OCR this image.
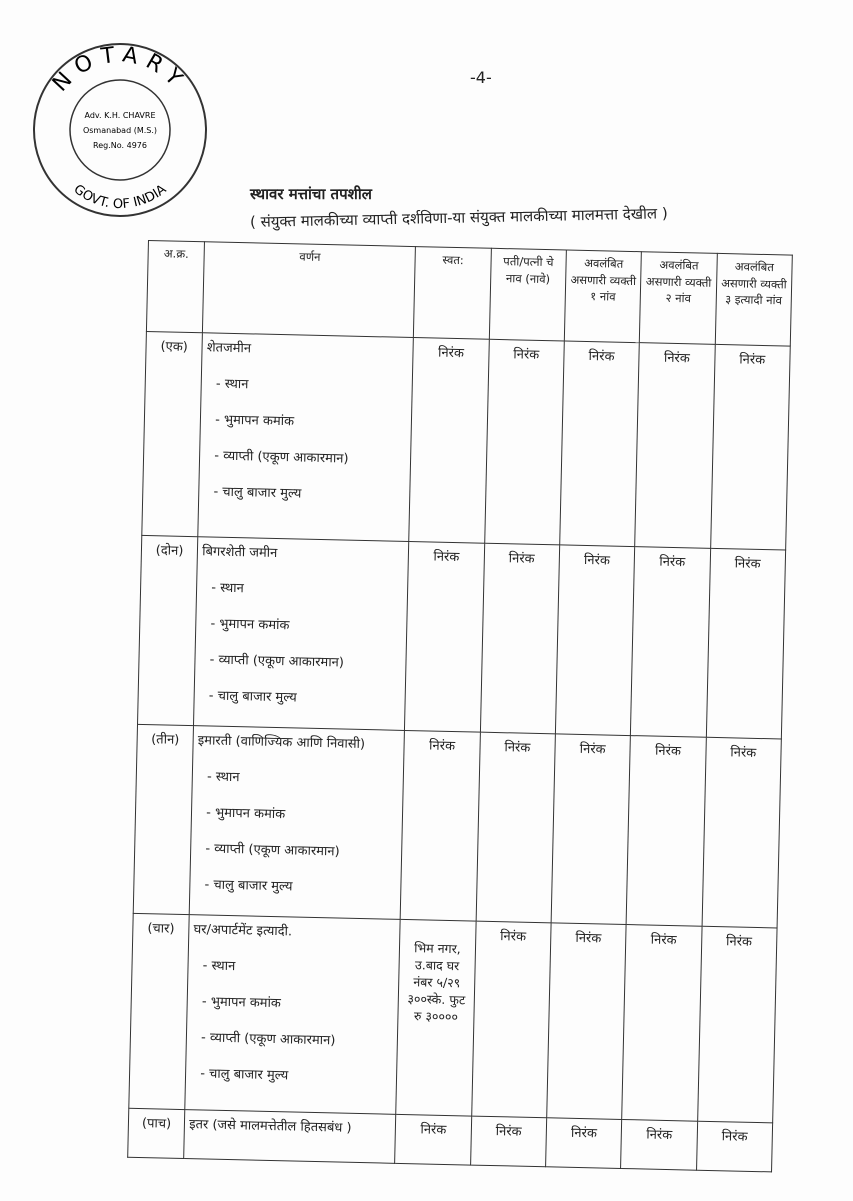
-4-
NOTARY
GOVT. OF INDIA
Adv. K.H. CHAVRE
Osmanabad (M.S.)
Reg.No. 4976
स्थावर मत्तांचा तपशील
( संयुक्त मालकीच्या व्याप्ती दर्शविणा-या संयुक्त मालकीच्या मालमत्ता देखील )
अ.क्र.	वर्णन	स्वत:	पती/पत्नी चे नाव (नावे)	अवलंबित असणारी व्यक्ती १ नांव	अवलंबित असणारी व्यक्ती २ नांव	अवलंबित असणारी व्यक्ती ३ इत्यादी नांव
(एक)	शेतजमीन
- स्थान
- भुमापन कमांक
- व्याप्ती (एकूण आकारमान)
- चालु बाजार मुल्य	निरंक	निरंक	निरंक	निरंक	निरंक
(दोन)	बिगरशेती जमीन
- स्थान
- भुमापन कमांक
- व्याप्ती (एकूण आकारमान)
- चालु बाजार मुल्य	निरंक	निरंक	निरंक	निरंक	निरंक
(तीन)	इमारती (वाणिज्यिक आणि निवासी)
- स्थान
- भुमापन कमांक
- व्याप्ती (एकूण आकारमान)
- चालु बाजार मुल्य	निरंक	निरंक	निरंक	निरंक	निरंक
(चार)	घर/अपार्टमेंट इत्यादी.
- स्थान
- भुमापन कमांक
- व्याप्ती (एकूण आकारमान)
- चालु बाजार मुल्य	भिम नगर, उ.बाद घर नंबर ५/२९ ३००स्के. फुट रु ३००००	निरंक	निरंक	निरंक	निरंक
(पाच)	इतर (जसे मालमत्तेतील हितसबंध )	निरंक	निरंक	निरंक	निरंक	निरंक
